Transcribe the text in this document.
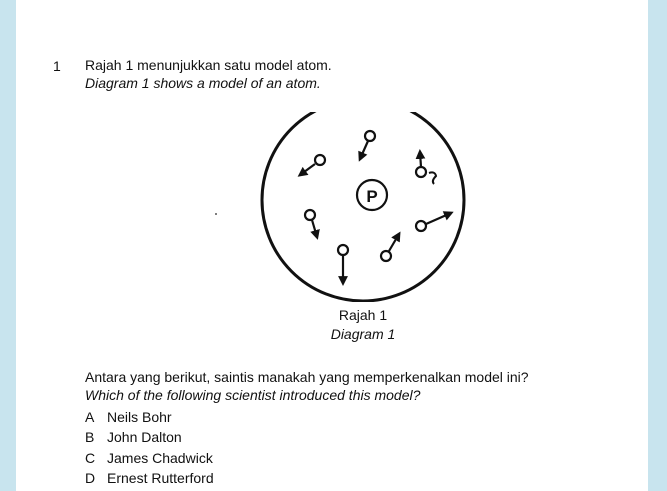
1 Rajah 1 menunjukkan satu model atom.
Diagram 1 shows a model of an atom.
P
Rajah 1
Diagram 1
Antara yang berikut, saintis manakah yang memperkenalkan model ini?
Which of the following scientist introduced this model?
A Neils Bohr
B John Dalton
C James Chadwick
D Ernest Rutterford
